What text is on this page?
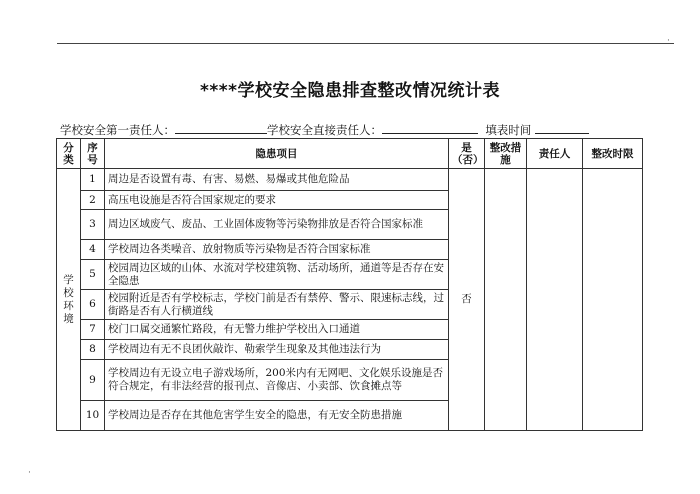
·
****学校安全隐患排查整改情况统计表
学校安全第一责任人：	学校安全直接责任人：	填表时间
分类	序号	隐患项目	是（否）	整改措施	责任人	整改时限

学
校
环
境	1	周边是否设置有毒、有害、易燃、易爆或其他危险品	否			
	2	高压电设施是否符合国家规定的要求				
	3	周边区域废气、废品、工业固体废物等污染物排放是否符合国家标准				
	4	学校周边各类噪音、放射物质等污染物是否符合国家标准				
	5	校园周边区域的山体、水流对学校建筑物、活动场所，通道等是否存在安全隐患				
	6	校园附近是否有学校标志，学校门前是否有禁停、警示、限速标志线，过街路是否有人行横道线				
	7	校门口属交通繁忙路段，有无警力维护学校出入口通道				
	8	学校周边有无不良团伙敲诈、勒索学生现象及其他违法行为				
	9	学校周边有无设立电子游戏场所，200米内有无网吧、文化娱乐设施是否符合规定，有非法经营的报刊点、音像店、小卖部、饮食摊点等				
	10	学校周边是否存在其他危害学生安全的隐患，有无安全防患措施				
·
